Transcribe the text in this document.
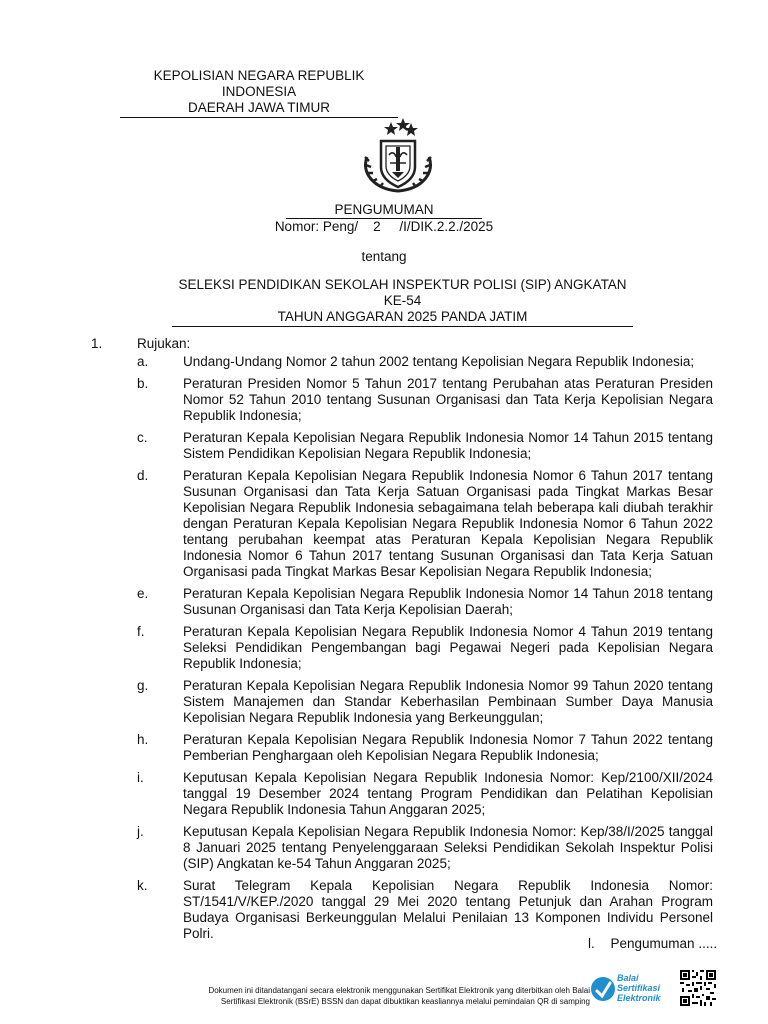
KEPOLISIAN NEGARA REPUBLIK INDONESIA
DAERAH JAWA TIMUR
PENGUMUMAN
Nomor: Peng/    2     /I/DIK.2.2./2025
tentang
SELEKSI PENDIDIKAN SEKOLAH INSPEKTUR POLISI (SIP) ANGKATAN KE-54
TAHUN ANGGARAN 2025 PANDA JATIM
1.	Rujukan:
a.	Undang-Undang Nomor 2 tahun 2002 tentang Kepolisian Negara Republik Indonesia;
b.	Peraturan Presiden Nomor 5 Tahun 2017 tentang Perubahan atas Peraturan Presiden Nomor 52 Tahun 2010 tentang Susunan Organisasi dan Tata Kerja Kepolisian Negara Republik Indonesia;
c.	Peraturan Kepala Kepolisian Negara Republik Indonesia Nomor 14 Tahun 2015 tentang Sistem Pendidikan Kepolisian Negara Republik Indonesia;
d.	Peraturan Kepala Kepolisian Negara Republik Indonesia Nomor 6 Tahun 2017 tentang Susunan Organisasi dan Tata Kerja Satuan Organisasi pada Tingkat Markas Besar Kepolisian Negara Republik Indonesia sebagaimana telah beberapa kali diubah terakhir dengan Peraturan Kepala Kepolisian Negara Republik Indonesia Nomor 6 Tahun 2022 tentang perubahan keempat atas Peraturan Kepala Kepolisian Negara Republik Indonesia Nomor 6 Tahun 2017 tentang Susunan Organisasi dan Tata Kerja Satuan Organisasi pada Tingkat Markas Besar Kepolisian Negara Republik Indonesia;
e.	Peraturan Kepala Kepolisian Negara Republik Indonesia Nomor 14 Tahun 2018 tentang Susunan Organisasi dan Tata Kerja Kepolisian Daerah;
f.	Peraturan Kepala Kepolisian Negara Republik Indonesia Nomor 4 Tahun 2019 tentang Seleksi Pendidikan Pengembangan bagi Pegawai Negeri pada Kepolisian Negara Republik Indonesia;
g.	Peraturan Kepala Kepolisian Negara Republik Indonesia Nomor 99 Tahun 2020 tentang Sistem Manajemen dan Standar Keberhasilan Pembinaan Sumber Daya Manusia Kepolisian Negara Republik Indonesia yang Berkeunggulan;
h.	Peraturan Kepala Kepolisian Negara Republik Indonesia Nomor 7 Tahun 2022 tentang Pemberian Penghargaan oleh Kepolisian Negara Republik Indonesia;
i.	Keputusan Kepala Kepolisian Negara Republik Indonesia Nomor: Kep/2100/XII/2024 tanggal 19 Desember 2024 tentang Program Pendidikan dan Pelatihan Kepolisian Negara Republik Indonesia Tahun Anggaran 2025;
j.	Keputusan Kepala Kepolisian Negara Republik Indonesia Nomor: Kep/38/I/2025 tanggal 8 Januari 2025 tentang Penyelenggaraan Seleksi Pendidikan Sekolah Inspektur Polisi (SIP) Angkatan ke-54 Tahun Anggaran 2025;
k.	Surat Telegram Kepala Kepolisian Negara Republik Indonesia Nomor: ST/1541/V/KEP./2020 tanggal 29 Mei 2020 tentang Petunjuk dan Arahan Program Budaya Organisasi Berkeunggulan Melalui Penilaian 13 Komponen Individu Personel Polri.
l. Pengumuman .....
Dokumen ini ditandatangani secara elektronik menggunakan Sertifikat Elektronik yang diterbitkan oleh Balai
Sertifikasi Elektronik (BSrE) BSSN dan dapat dibuktikan keasliannya melalui pemindaian QR di samping
Balai
Sertifikasi
Elektronik
